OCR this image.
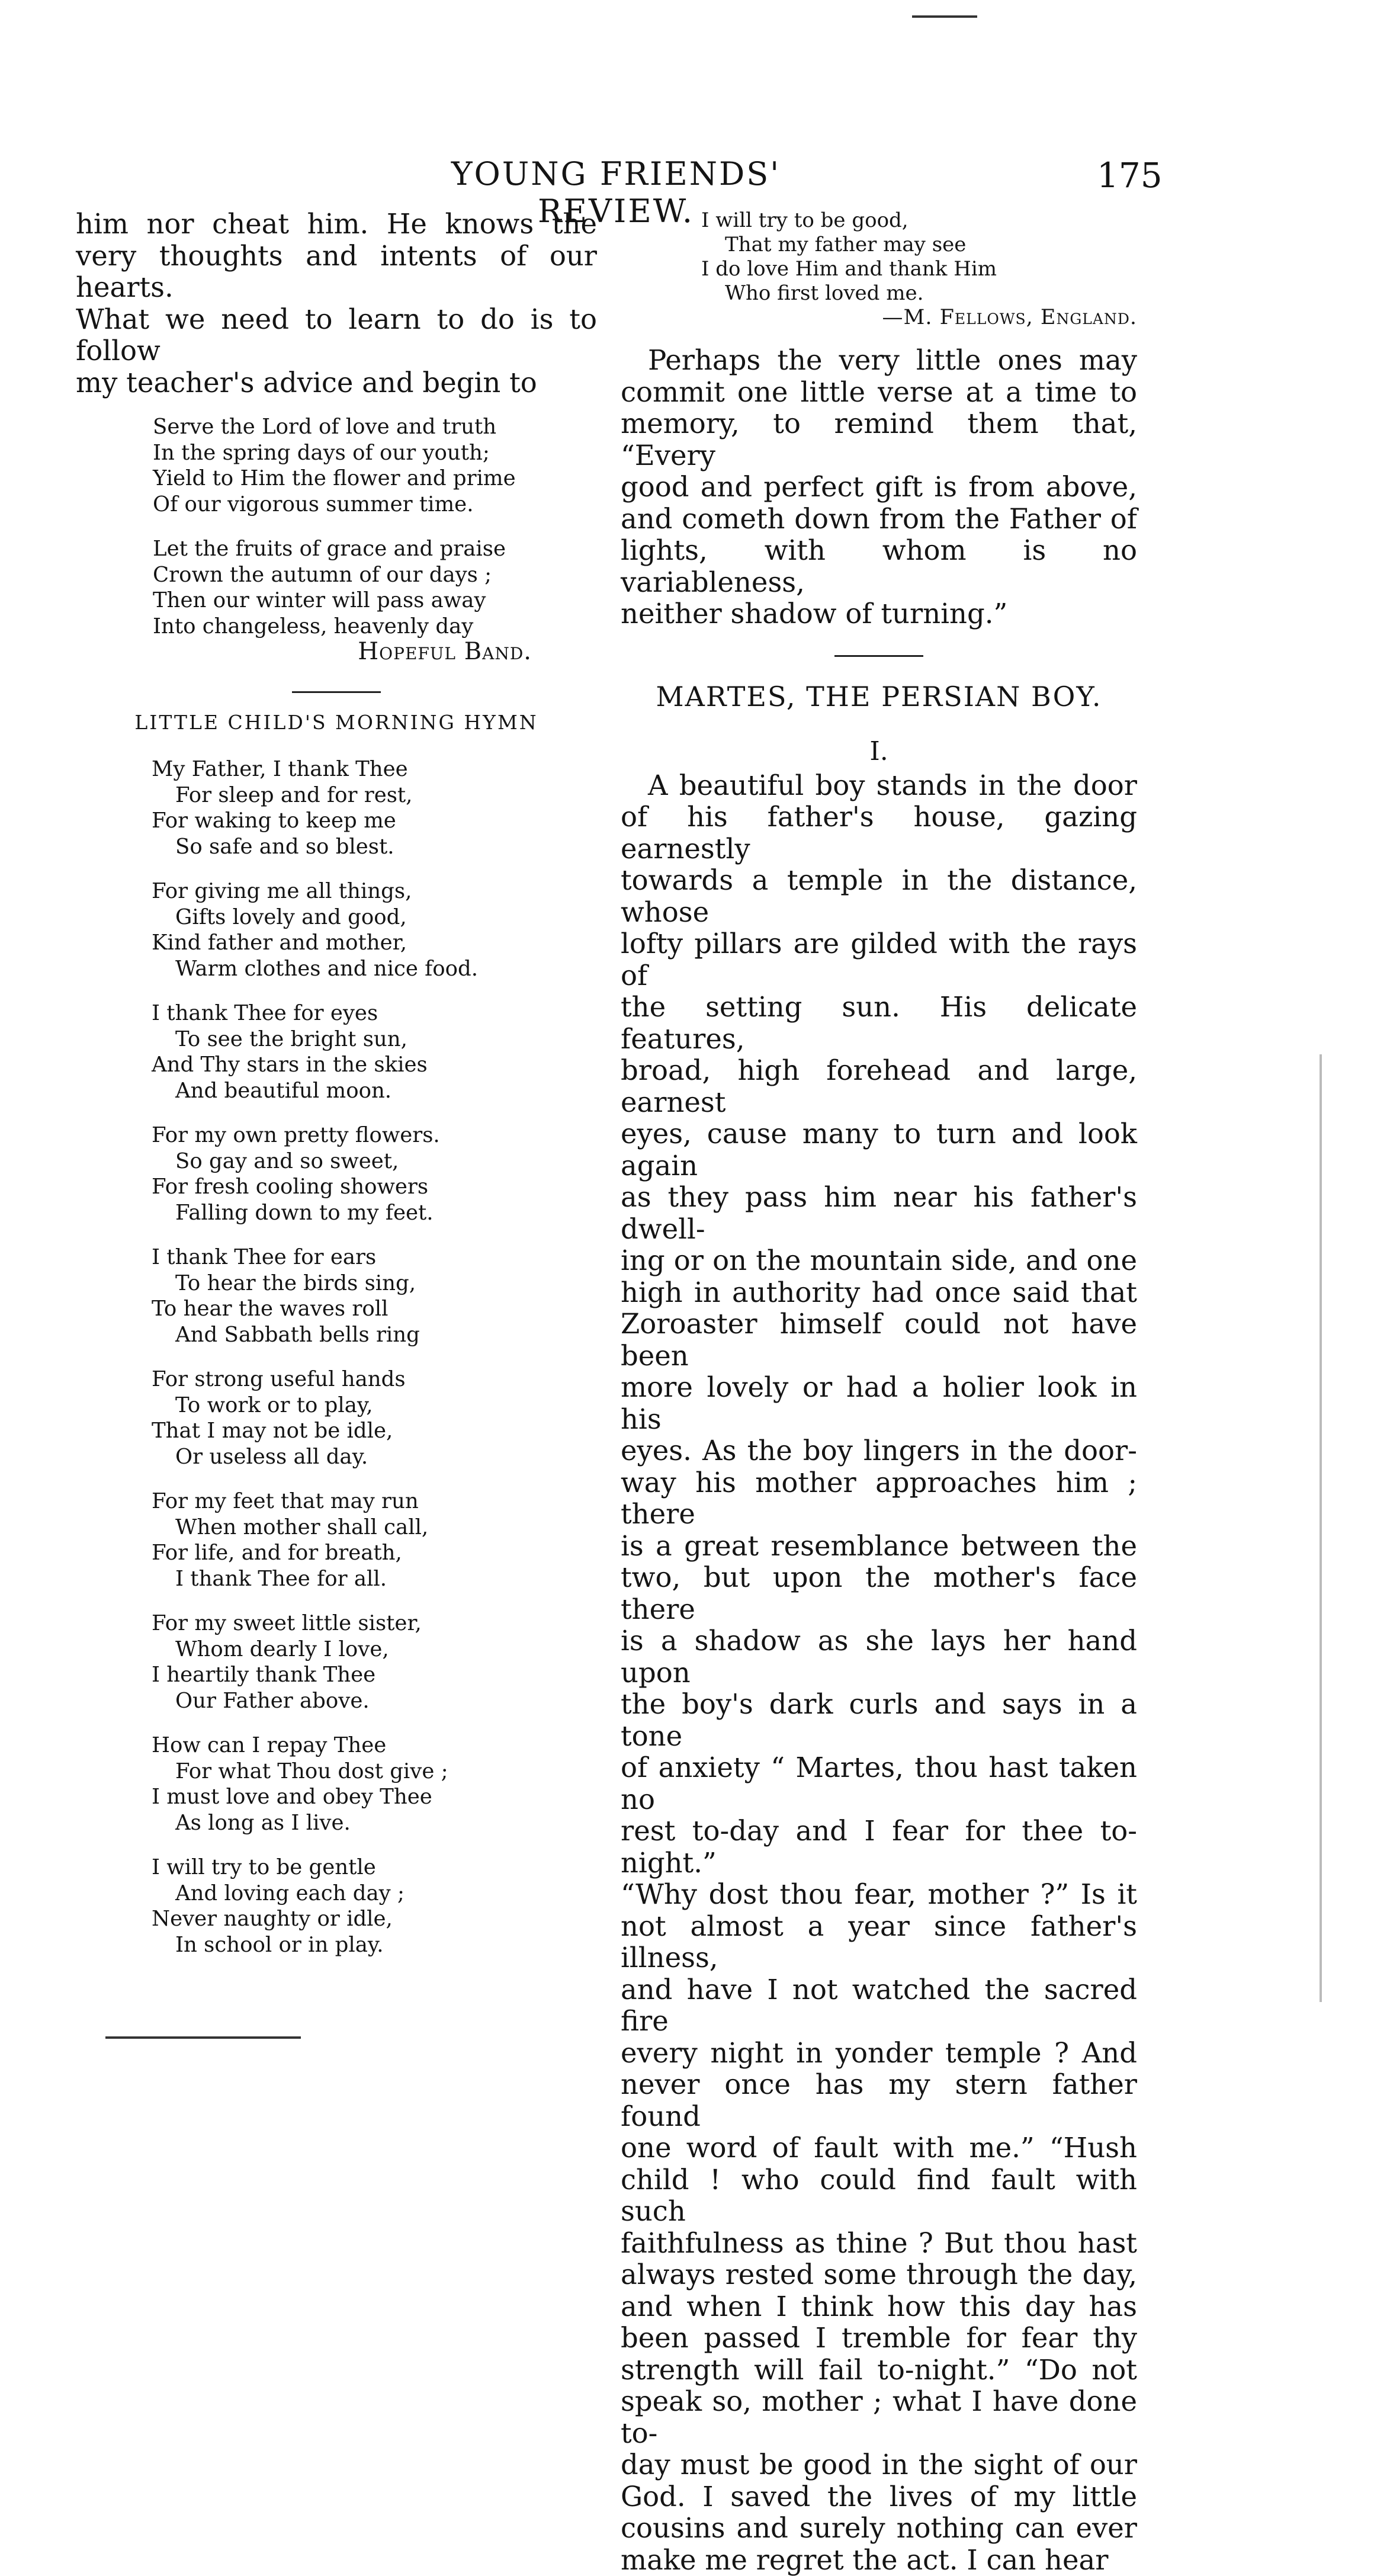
YOUNG FRIENDS' REVIEW.
175
him nor cheat him. He knows the
very thoughts and intents of our hearts.
What we need to learn to do is to follow
my teacher's advice and begin to
Serve the Lord of love and truth
In the spring days of our youth;
Yield to Him the flower and prime
Of our vigorous summer time.
Let the fruits of grace and praise
Crown the autumn of our days ;
Then our winter will pass away
Into changeless, heavenly day
Hopeful Band.
LITTLE CHILD'S MORNING HYMN
My Father, I thank Thee
For sleep and for rest,
For waking to keep me
So safe and so blest.
For giving me all things,
Gifts lovely and good,
Kind father and mother,
Warm clothes and nice food.
I thank Thee for eyes
To see the bright sun,
And Thy stars in the skies
And beautiful moon.
For my own pretty flowers.
So gay and so sweet,
For fresh cooling showers
Falling down to my feet.
I thank Thee for ears
To hear the birds sing,
To hear the waves roll
And Sabbath bells ring
For strong useful hands
To work or to play,
That I may not be idle,
Or useless all day.
For my feet that may run
When mother shall call,
For life, and for breath,
I thank Thee for all.
For my sweet little sister,
Whom dearly I love,
I heartily thank Thee
Our Father above.
How can I repay Thee
For what Thou dost give ;
I must love and obey Thee
As long as I live.
I will try to be gentle
And loving each day ;
Never naughty or idle,
In school or in play.
I will try to be good,
That my father may see
I do love Him and thank Him
Who first loved me.
—M. Fellows, England.
Perhaps the very little ones may
commit one little verse at a time to
memory, to remind them that, “Every
good and perfect gift is from above,
and cometh down from the Father of
lights, with whom is no variableness,
neither shadow of turning.”
MARTES, THE PERSIAN BOY.
I.
A beautiful boy stands in the door
of his father's house, gazing earnestly
towards a temple in the distance, whose
lofty pillars are gilded with the rays of
the setting sun. His delicate features,
broad, high forehead and large, earnest
eyes, cause many to turn and look again
as they pass him near his father's dwell-
ing or on the mountain side, and one
high in authority had once said that
Zoroaster himself could not have been
more lovely or had a holier look in his
eyes. As the boy lingers in the door-
way his mother approaches him ; there
is a great resemblance between the
two, but upon the mother's face there
is a shadow as she lays her hand upon
the boy's dark curls and says in a tone
of anxiety “ Martes, thou hast taken no
rest to-day and I fear for thee to-night.”
“Why dost thou fear, mother ?” Is it
not almost a year since father's illness,
and have I not watched the sacred fire
every night in yonder temple ? And
never once has my stern father found
one word of fault with me.” “Hush
child ! who could find fault with such
faithfulness as thine ? But thou hast
always rested some through the day,
and when I think how this day has
been passed I tremble for fear thy
strength will fail to-night.” “Do not
speak so, mother ; what I have done to-
day must be good in the sight of our
God. I saved the lives of my little
cousins and surely nothing can ever
make me regret the act. I can hear
